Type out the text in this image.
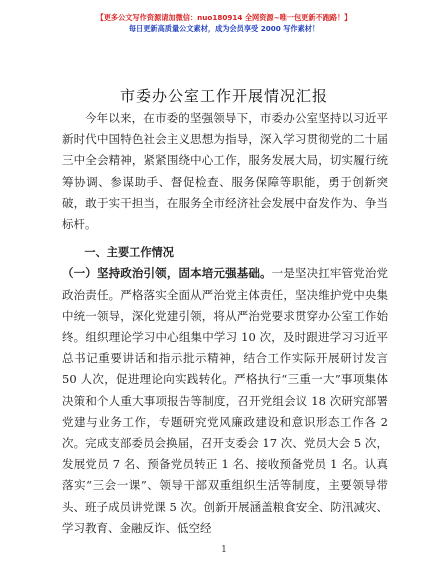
【更多公文写作资源请加微信：nuo180914 全网资源~唯一包更新不跑路！】
每日更新高质量公文素材，成为会员享受 2000 写作素材！
市委办公室工作开展情况汇报

今年以来，在市委的坚强领导下，市委办公室坚持以习近平新时代中国特色社会主义思想为指导，深入学习贯彻党的二十届三中全会精神，紧紧围绕中心工作，服务发展大局，切实履行统筹协调、参谋助手、督促检查、服务保障等职能，勇于创新突破，敢于实干担当，在服务全市经济社会发展中奋发作为、争当标杆。

一、主要工作情况

（一）坚持政治引领，固本培元强基础。一是坚决扛牢管党治党政治责任。严格落实全面从严治党主体责任，坚决维护党中央集中统一领导，深化党建引领，将从严治党要求贯穿办公室工作始终。组织理论学习中心组集中学习 10 次，及时跟进学习习近平总书记重要讲话和指示批示精神，结合工作实际开展研讨发言 50 人次，促进理论向实践转化。严格执行“三重一大”事项集体决策和个人重大事项报告等制度，召开党组会议 18 次研究部署党建与业务工作，专题研究党风廉政建设和意识形态工作各 2 次。完成支部委员会换届，召开支委会 17 次、党员大会 5 次，发展党员 7 名、预备党员转正 1 名、接收预备党员 1 名。认真落实“三会一课”、领导干部双重组织生活等制度，主要领导带头、班子成员讲党课 5 次。创新开展涵盖粮食安全、防汛减灾、学习教育、金融反诈、低空经

1
